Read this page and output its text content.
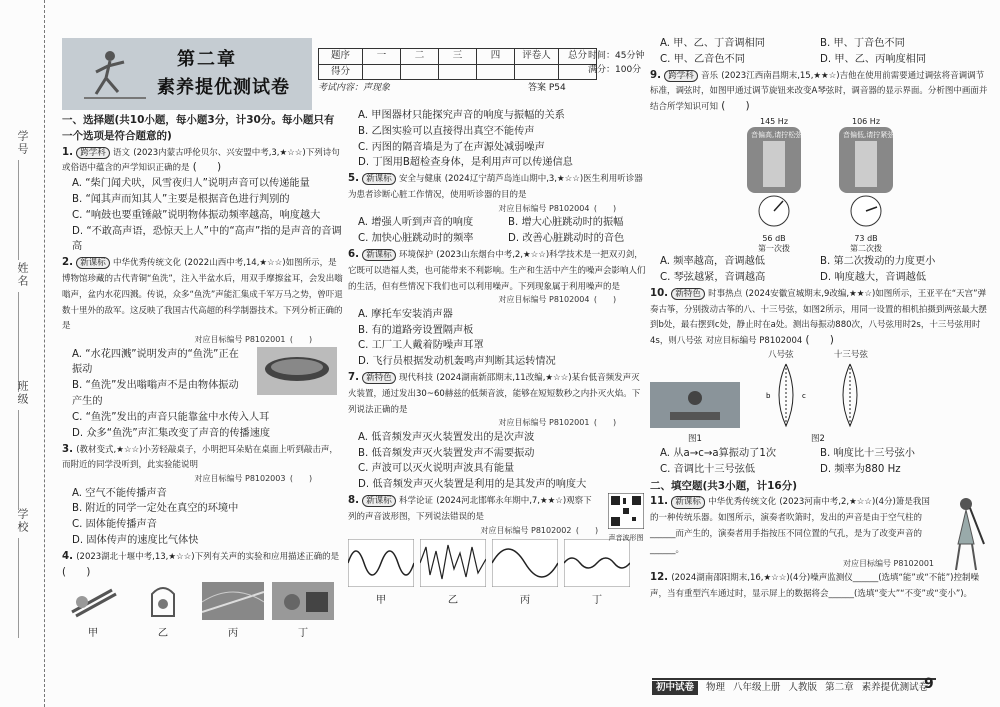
学号
姓名
班级
学校
第二章
素养提优测试卷
题序	一	二	三	四	评卷人	总分
得分						
时间：45分钟
满分：100分
考试内容：声现象	答案 P54
一、选择题(共10小题，每小题3分，计30分。每小题只有一个选项是符合题意的)
1. 跨学科 语文 (2023内蒙古呼伦贝尔、兴安盟中考,3,★☆☆)下列诗句或俗语中蕴含的声学知识正确的是 (　　)
A. “柴门闻犬吠，风雪夜归人”说明声音可以传递能量
B. “闻其声而知其人”主要是根据音色进行判别的
C. “响鼓也要重锤敲”说明物体振动频率越高，响度越大
D. “不敢高声语，恐惊天上人”中的“高声”指的是声音的音调高
2. 新课标 中华优秀传统文化 (2022山西中考,14,★☆☆)如图所示，是博物馆珍藏的古代青铜“鱼洗”，注入半盆水后，用双手摩擦盆耳，会发出嗡嗡声，盆内水花四溅。传说，众多“鱼洗”声能汇集成千军万马之势，曾吓退数十里外的敌军。这反映了我国古代高超的科学制器技术。下列分析正确的是
对应目标编号 P8102001 (　　)
A. “水花四溅”说明发声的“鱼洗”正在振动
B. “鱼洗”发出嗡嗡声不是由物体振动产生的
C. “鱼洗”发出的声音只能靠盆中水传入人耳
D. 众多“鱼洗”声汇集改变了声音的传播速度
3. (教材变式,★☆☆)小芳轻敲桌子，小明把耳朵贴在桌面上听到敲击声，而附近的同学没听到，此实验能说明
对应目标编号 P8102003 (　　)
A. 空气不能传播声音
B. 附近的同学一定处在真空的环境中
C. 固体能传播声音
D. 固体传声的速度比气体快
4. (2023湖北十堰中考,13,★☆☆)下列有关声的实验和应用描述正确的是 (　　)
甲	乙	丙	丁
A. 甲图器材只能探究声音的响度与振幅的关系
B. 乙图实验可以直接得出真空不能传声
C. 丙图的隔音墙是为了在声源处减弱噪声
D. 丁图用B超检查身体，是利用声可以传递信息
5. 新课标 安全与健康 (2024辽宁葫芦岛连山期中,3,★☆☆)医生利用听诊器为患者诊断心脏工作情况，使用听诊器的目的是
对应目标编号 P8102004 (　　)
A. 增强人听到声音的响度	B. 增大心脏跳动时的振幅
C. 加快心脏跳动时的频率	D. 改善心脏跳动时的音色
6. 新课标 环境保护 (2023山东烟台中考,2,★☆☆)科学技术是一把双刃剑，它既可以造福人类，也可能带来不利影响。生产和生活中产生的噪声会影响人们的生活，但有些情况下我们也可以利用噪声。下列现象属于利用噪声的是
对应目标编号 P8102004 (　　)
A. 摩托车安装消声器
B. 有的道路旁设置隔声板
C. 工厂工人戴着防噪声耳罩
D. 飞行员根据发动机轰鸣声判断其运转情况
7. 新特色 现代科技 (2024湖南新邵期末,11改编,★☆☆)某台低音频发声灭火装置，通过发出30~60赫兹的低频音波，能够在短短数秒之内扑灭火焰。下列说法正确的是
对应目标编号 P8102001 (　　)
A. 低音频发声灭火装置发出的是次声波
B. 低音频发声灭火装置发声不需要振动
C. 声波可以灭火说明声波具有能量
D. 低音频发声灭火装置是利用的是其发声的响度大
8. 新课标 科学论证 (2024河北邯郸永年期中,7,★★☆)观察下列的声音波形图，下列说法错误的是
对应目标编号 P8102002 (　　)
声音波形图
甲	乙	丙	丁
A. 甲、乙、丁音调相同	B. 甲、丁音色不同
C. 甲、乙音色不同	D. 甲、乙、丙响度相同
9. 跨学科 音乐 (2023江西南昌期末,15,★★☆)吉他在使用前需要通过调弦将音调调节标准，调弦时，如图甲通过调节旋钮来改变A琴弦时，调音器的显示界面。分析图中画面并结合所学知识可知 (　　)
145 Hz
音偏高,请拧松弦
56 dB
第一次拨
106 Hz
音偏低,请拧紧弦
73 dB
第二次拨
A. 频率越高，音调越低	B. 第二次拨动的力度更小
C. 琴弦越紧，音调越高	D. 响度越大，音调越低
10. 新特色 时事热点 (2024安徽宣城期末,9改编,★★☆)如图所示，王亚平在“天宫”弹奏古筝，分别拨动古筝的八、十三号弦，如图2所示，用同一设置的相机拍摄到两弦最大摆到b处，最右摆到c处，静止时在a处。测出每振动880次，八号弦用时2s，十三号弦用时4s，则八号弦 对应目标编号 P8102004 (　　)
图1
八号弦	十三号弦
b	c
图2
A. 从a→c→a算振动了1次	B. 响度比十三号弦小
C. 音调比十三号弦低	D. 频率为880 Hz
二、填空题(共3小题，计16分)
11. 新课标 中华优秀传统文化 (2023河南中考,2,★☆☆)(4分)箫是我国的一种传统乐器。如图所示，演奏者吹箫时，发出的声音是由于空气柱的______而产生的，演奏者用手指按压不同位置的气孔，是为了改变声音的______。
对应目标编号 P8102001
12. (2024湖南邵阳期末,16,★☆☆)(4分)噪声监测仪______(选填“能”或“不能”)控制噪声，当有重型汽车通过时，显示屏上的数据将会______(选填“变大”“不变”或“变小”)。
初中试卷	物理 八年级上册 人教版 第二章 素养提优测试卷
9
